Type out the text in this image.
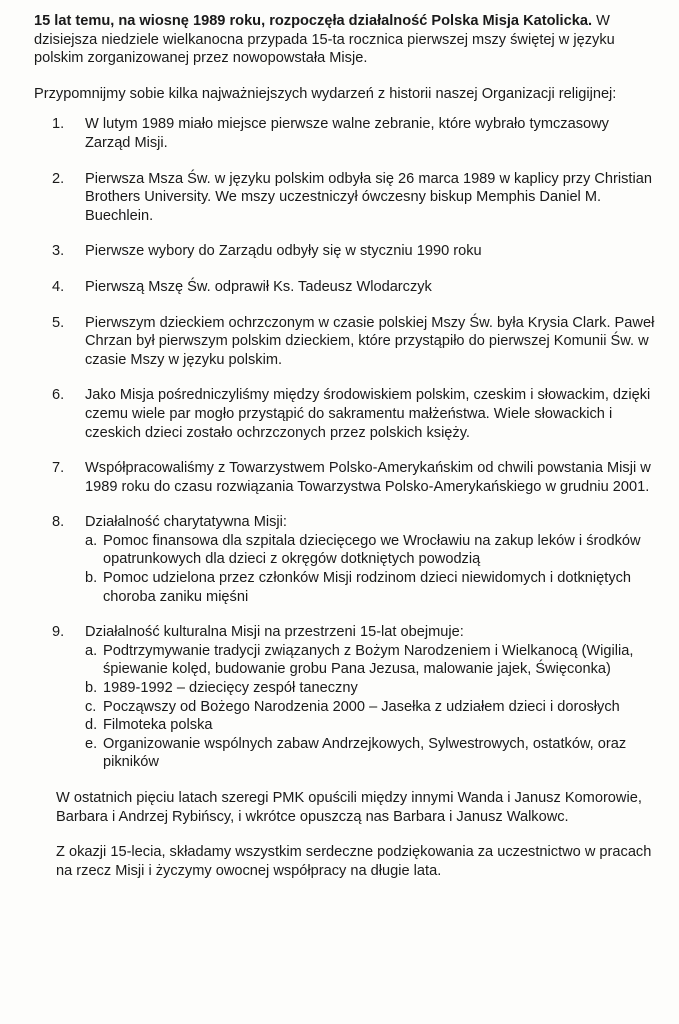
15 lat temu, na wiosnę 1989 roku, rozpoczęła działalność Polska Misja Katolicka. W dzisiejsza niedziele wielkanocna przypada 15-ta rocznica pierwszej mszy świętej w języku polskim zorganizowanej przez nowopowstała Misje.

Przypomnijmy sobie kilka najważniejszych wydarzeń z historii naszej Organizacji religijnej:

1. W lutym 1989 miało miejsce pierwsze walne zebranie, które wybrało tymczasowy Zarząd Misji.

2. Pierwsza Msza Św. w języku polskim odbyła się 26 marca 1989 w kaplicy przy Christian Brothers University. We mszy uczestniczył ówczesny biskup Memphis Daniel M. Buechlein.

3. Pierwsze wybory do Zarządu odbyły się w styczniu 1990 roku

4. Pierwszą Mszę Św. odprawił Ks. Tadeusz Wlodarczyk

5. Pierwszym dzieckiem ochrzczonym w czasie polskiej Mszy Św. była Krysia Clark. Paweł Chrzan był pierwszym polskim dzieckiem, które przystąpiło do pierwszej Komunii Św. w czasie Mszy w języku polskim.

6. Jako Misja pośredniczyliśmy między środowiskiem polskim, czeskim i słowackim, dzięki czemu wiele par mogło przystąpić do sakramentu małżeństwa. Wiele słowackich i czeskich dzieci zostało ochrzczonych przez polskich księży.

7. Współpracowaliśmy z Towarzystwem Polsko-Amerykańskim od chwili powstania Misji w 1989 roku do czasu rozwiązania Towarzystwa Polsko-Amerykańskiego w grudniu 2001.

8. Działalność charytatywna Misji:

a. Pomoc finansowa dla szpitala dziecięcego we Wrocławiu na zakup leków i środków opatrunkowych dla dzieci z okręgów dotkniętych powodzią
b. Pomoc udzielona przez członków Misji rodzinom dzieci niewidomych i dotkniętych choroba zaniku mięśni
9. Działalność kulturalna Misji na przestrzeni 15-lat obejmuje:

a. Podtrzymywanie tradycji związanych z Bożym Narodzeniem i Wielkanocą (Wigilia, śpiewanie kolęd, budowanie grobu Pana Jezusa, malowanie jajek, Święconka)
b. 1989-1992 – dziecięcy zespół taneczny
c. Począwszy od Bożego Narodzenia 2000 – Jasełka z udziałem dzieci i dorosłych
d. Filmoteka polska
e. Organizowanie wspólnych zabaw Andrzejkowych, Sylwestrowych, ostatków, oraz pikników

W ostatnich pięciu latach szeregi PMK opuścili między innymi Wanda i Janusz Komorowie, Barbara i Andrzej Rybińscy, i wkrótce opuszczą nas Barbara i Janusz Walkowc.

Z okazji 15-lecia, składamy wszystkim serdeczne podziękowania za uczestnictwo w pracach na rzecz Misji i życzymy owocnej współpracy na długie lata.
